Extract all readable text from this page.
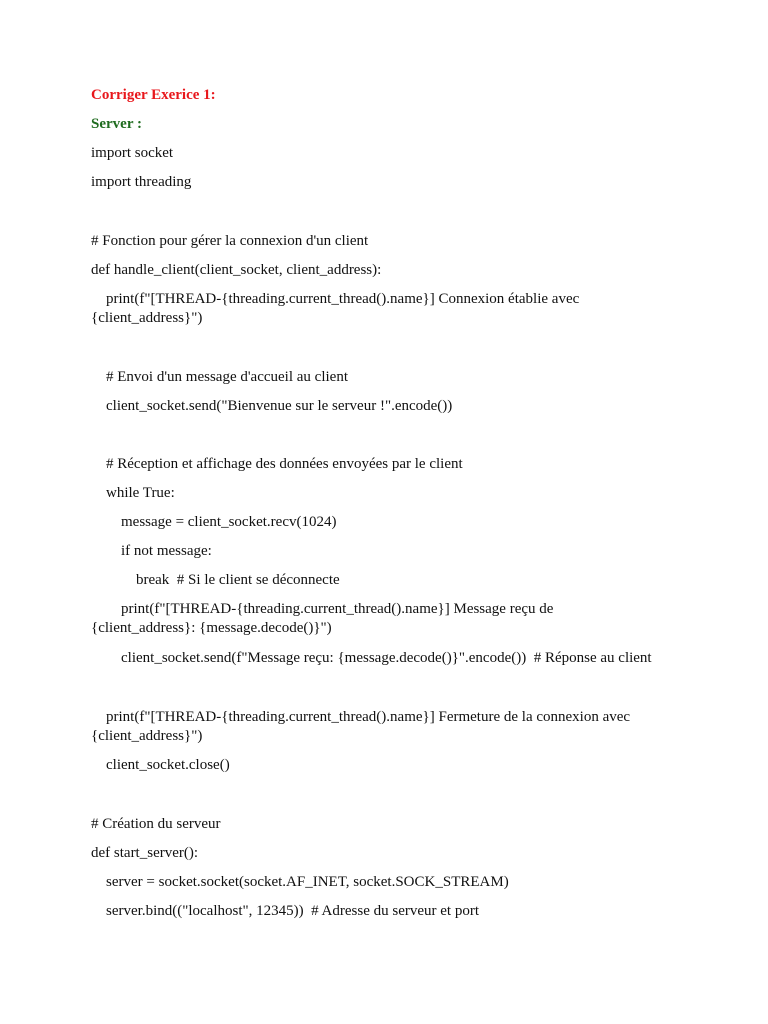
Corriger Exerice 1:
Server :
import socket
import threading
# Fonction pour gérer la connexion d'un client
def handle_client(client_socket, client_address):
print(f"[THREAD-{threading.current_thread().name}] Connexion établie avec
{client_address}")
# Envoi d'un message d'accueil au client
client_socket.send("Bienvenue sur le serveur !".encode())
# Réception et affichage des données envoyées par le client
while True:
message = client_socket.recv(1024)
if not message:
break  # Si le client se déconnecte
print(f"[THREAD-{threading.current_thread().name}] Message reçu de
{client_address}: {message.decode()}")
client_socket.send(f"Message reçu: {message.decode()}".encode())  # Réponse au client
print(f"[THREAD-{threading.current_thread().name}] Fermeture de la connexion avec
{client_address}")
client_socket.close()
# Création du serveur
def start_server():
server = socket.socket(socket.AF_INET, socket.SOCK_STREAM)
server.bind(("localhost", 12345))  # Adresse du serveur et port
